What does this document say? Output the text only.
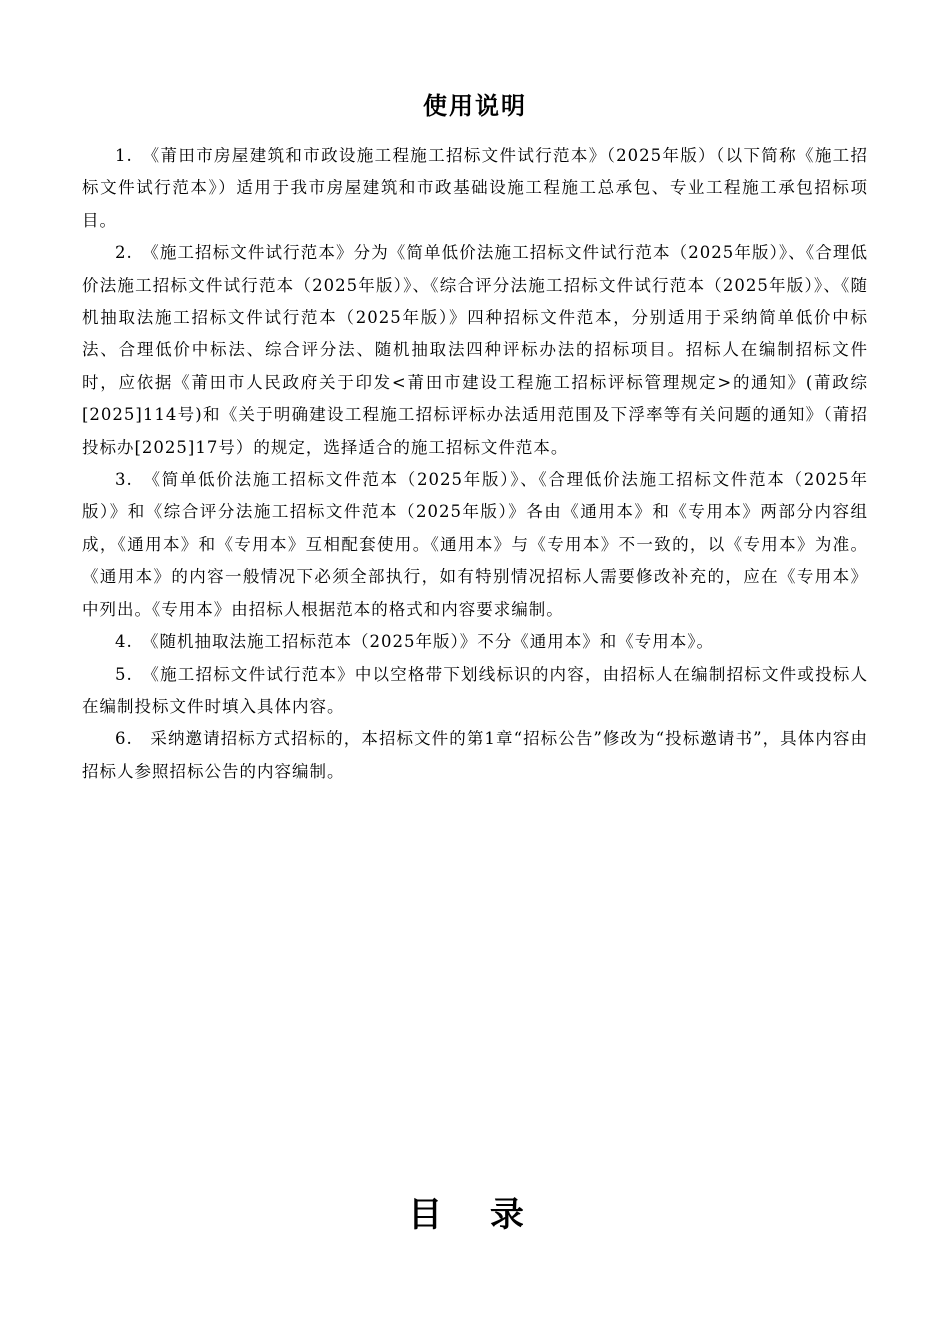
使用说明

1.　《莆田市房屋建筑和市政设施工程施工招标文件试行范本》（2025年版）（以下简称《施工招标文件试行范本》）适用于我市房屋建筑和市政基础设施工程施工总承包、专业工程施工承包招标项目。

2.　《施工招标文件试行范本》分为《简单低价法施工招标文件试行范本（2025年版）》、《合理低价法施工招标文件试行范本（2025年版）》、《综合评分法施工招标文件试行范本（2025年版）》、《随机抽取法施工招标文件试行范本（2025年版）》四种招标文件范本，分别适用于采纳简单低价中标法、合理低价中标法、综合评分法、随机抽取法四种评标办法的招标项目。招标人在编制招标文件时，应依据《莆田市人民政府关于印发<莆田市建设工程施工招标评标管理规定>的通知》(莆政综[2025]114号)和《关于明确建设工程施工招标评标办法适用范围及下浮率等有关问题的通知》（莆招投标办[2025]17号）的规定，选择适合的施工招标文件范本。

3.　《简单低价法施工招标文件范本（2025年版）》、《合理低价法施工招标文件范本（2025年版）》和《综合评分法施工招标文件范本（2025年版）》各由《通用本》和《专用本》两部分内容组成，《通用本》和《专用本》互相配套使用。《通用本》与《专用本》不一致的，以《专用本》为准。《通用本》的内容一般情况下必须全部执行，如有特别情况招标人需要修改补充的，应在《专用本》中列出。《专用本》由招标人根据范本的格式和内容要求编制。

4.　《随机抽取法施工招标范本（2025年版）》不分《通用本》和《专用本》。

5.　《施工招标文件试行范本》中以空格带下划线标识的内容，由招标人在编制招标文件或投标人在编制投标文件时填入具体内容。

6.　采纳邀请招标方式招标的，本招标文件的第1章“招标公告”修改为“投标邀请书”，具体内容由招标人参照招标公告的内容编制。

目 录
